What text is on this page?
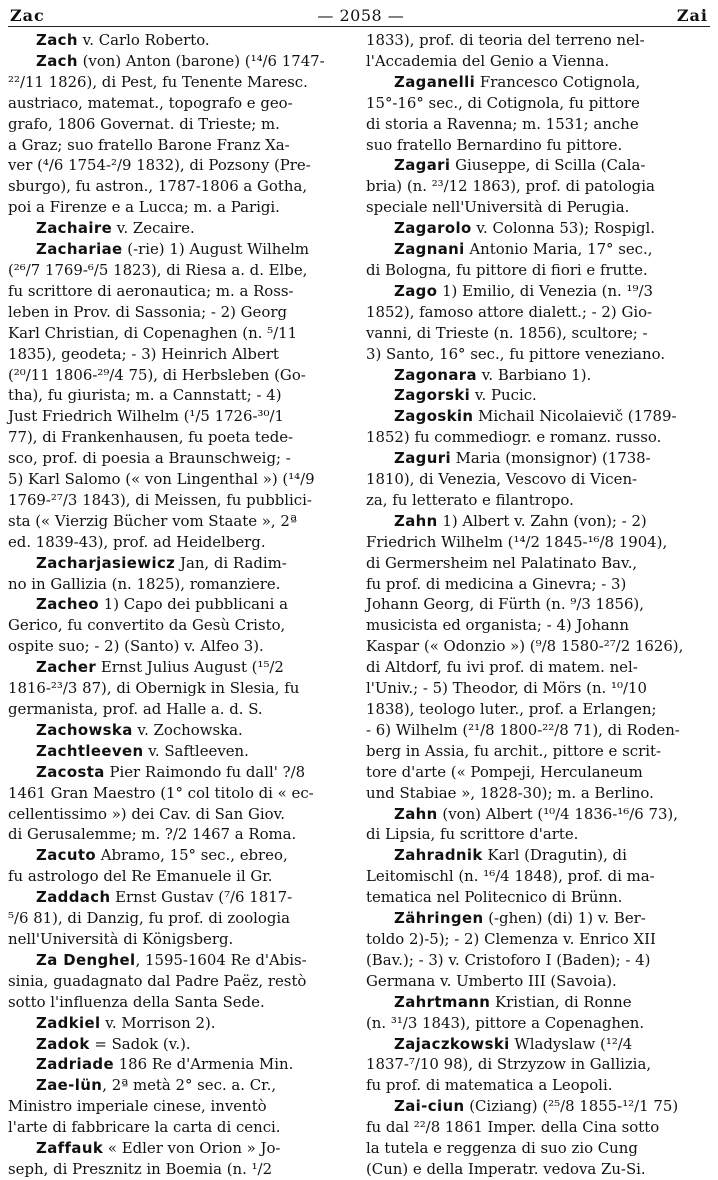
Zac	— 2058 —	Zai
Zach v. Carlo Roberto.
Zach (von) Anton (barone) (¹⁴/6 1747-
²²/11 1826), di Pest, fu Tenente Maresc.
austriaco, matemat., topografo e geo-
grafo, 1806 Governat. di Trieste; m.
a Graz; suo fratello Barone Franz Xa-
ver (⁴/6 1754-²/9 1832), di Pozsony (Pre-
sburgo), fu astron., 1787-1806 a Gotha,
poi a Firenze e a Lucca; m. a Parigi.
Zachaire v. Zecaire.
Zachariae (-rie) 1) August Wilhelm
(²⁶/7 1769-⁶/5 1823), di Riesa a. d. Elbe,
fu scrittore di aeronautica; m. a Ross-
leben in Prov. di Sassonia; - 2) Georg
Karl Christian, di Copenaghen (n. ⁵/11
1835), geodeta; - 3) Heinrich Albert
(²⁰/11 1806-²⁹/4 75), di Herbsleben (Go-
tha), fu giurista; m. a Cannstatt; - 4)
Just Friedrich Wilhelm (¹/5 1726-³⁰/1
77), di Frankenhausen, fu poeta tede-
sco, prof. di poesia a Braunschweig; -
5) Karl Salomo (« von Lingenthal ») (¹⁴/9
1769-²⁷/3 1843), di Meissen, fu pubblici-
sta (« Vierzig Bücher vom Staate », 2ª
ed. 1839-43), prof. ad Heidelberg.
Zacharjasiewicz Jan, di Radim-
no in Gallizia (n. 1825), romanziere.
Zacheo 1) Capo dei pubblicani a
Gerico, fu convertito da Gesù Cristo,
ospite suo; - 2) (Santo) v. Alfeo 3).
Zacher Ernst Julius August (¹⁵/2
1816-²³/3 87), di Obernigk in Slesia, fu
germanista, prof. ad Halle a. d. S.
Zachowska v. Zochowska.
Zachtleeven v. Saftleeven.
Zacosta Pier Raimondo fu dall' ?/8
1461 Gran Maestro (1° col titolo di « ec-
cellentissimo ») dei Cav. di San Giov.
di Gerusalemme; m. ?/2 1467 a Roma.
Zacuto Abramo, 15° sec., ebreo,
fu astrologo del Re Emanuele il Gr.
Zaddach Ernst Gustav (⁷/6 1817-
⁵/6 81), di Danzig, fu prof. di zoologia
nell'Università di Königsberg.
Za Denghel, 1595-1604 Re d'Abis-
sinia, guadagnato dal Padre Paëz, restò
sotto l'influenza della Santa Sede.
Zadkiel v. Morrison 2).
Zadok = Sadok (v.).
Zadriade 186 Re d'Armenia Min.
Zae-lün, 2ª metà 2° sec. a. Cr.,
Ministro imperiale cinese, inventò
l'arte di fabbricare la carta di cenci.
Zaffauk « Edler von Orion » Jo-
seph, di Presznitz in Boemia (n. ¹/2
1833), prof. di teoria del terreno nel-
l'Accademia del Genio a Vienna.
Zaganelli Francesco Cotignola,
15°-16° sec., di Cotignola, fu pittore
di storia a Ravenna; m. 1531; anche
suo fratello Bernardino fu pittore.
Zagari Giuseppe, di Scilla (Cala-
bria) (n. ²³/12 1863), prof. di patologia
speciale nell'Università di Perugia.
Zagarolo v. Colonna 53); Rospigl.
Zagnani Antonio Maria, 17° sec.,
di Bologna, fu pittore di fiori e frutte.
Zago 1) Emilio, di Venezia (n. ¹⁹/3
1852), famoso attore dialett.; - 2) Gio-
vanni, di Trieste (n. 1856), scultore; -
3) Santo, 16° sec., fu pittore veneziano.
Zagonara v. Barbiano 1).
Zagorski v. Pucic.
Zagoskin Michail Nicolaievič (1789-
1852) fu commediogr. e romanz. russo.
Zaguri Maria (monsignor) (1738-
1810), di Venezia, Vescovo di Vicen-
za, fu letterato e filantropo.
Zahn 1) Albert v. Zahn (von); - 2)
Friedrich Wilhelm (¹⁴/2 1845-¹⁶/8 1904),
di Germersheim nel Palatinato Bav.,
fu prof. di medicina a Ginevra; - 3)
Johann Georg, di Fürth (n. ⁹/3 1856),
musicista ed organista; - 4) Johann
Kaspar (« Odonzio ») (⁹/8 1580-²⁷/2 1626),
di Altdorf, fu ivi prof. di matem. nel-
l'Univ.; - 5) Theodor, di Mörs (n. ¹⁰/10
1838), teologo luter., prof. a Erlangen;
- 6) Wilhelm (²¹/8 1800-²²/8 71), di Roden-
berg in Assia, fu archit., pittore e scrit-
tore d'arte (« Pompeji, Herculaneum
und Stabiae », 1828-30); m. a Berlino.
Zahn (von) Albert (¹⁰/4 1836-¹⁶/6 73),
di Lipsia, fu scrittore d'arte.
Zahradnik Karl (Dragutin), di
Leitomischl (n. ¹⁶/4 1848), prof. di ma-
tematica nel Politecnico di Brünn.
Zähringen (-ghen) (di) 1) v. Ber-
toldo 2)-5); - 2) Clemenza v. Enrico XII
(Bav.); - 3) v. Cristoforo I (Baden); - 4)
Germana v. Umberto III (Savoia).
Zahrtmann Kristian, di Ronne
(n. ³¹/3 1843), pittore a Copenaghen.
Zajaczkowski Wladyslaw (¹²/4
1837-⁷/10 98), di Strzyzow in Gallizia,
fu prof. di matematica a Leopoli.
Zai-ciun (Ciziang) (²⁵/8 1855-¹²/1 75)
fu dal ²²/8 1861 Imper. della Cina sotto
la tutela e reggenza di suo zio Cung
(Cun) e della Imperatr. vedova Zu-Si.
